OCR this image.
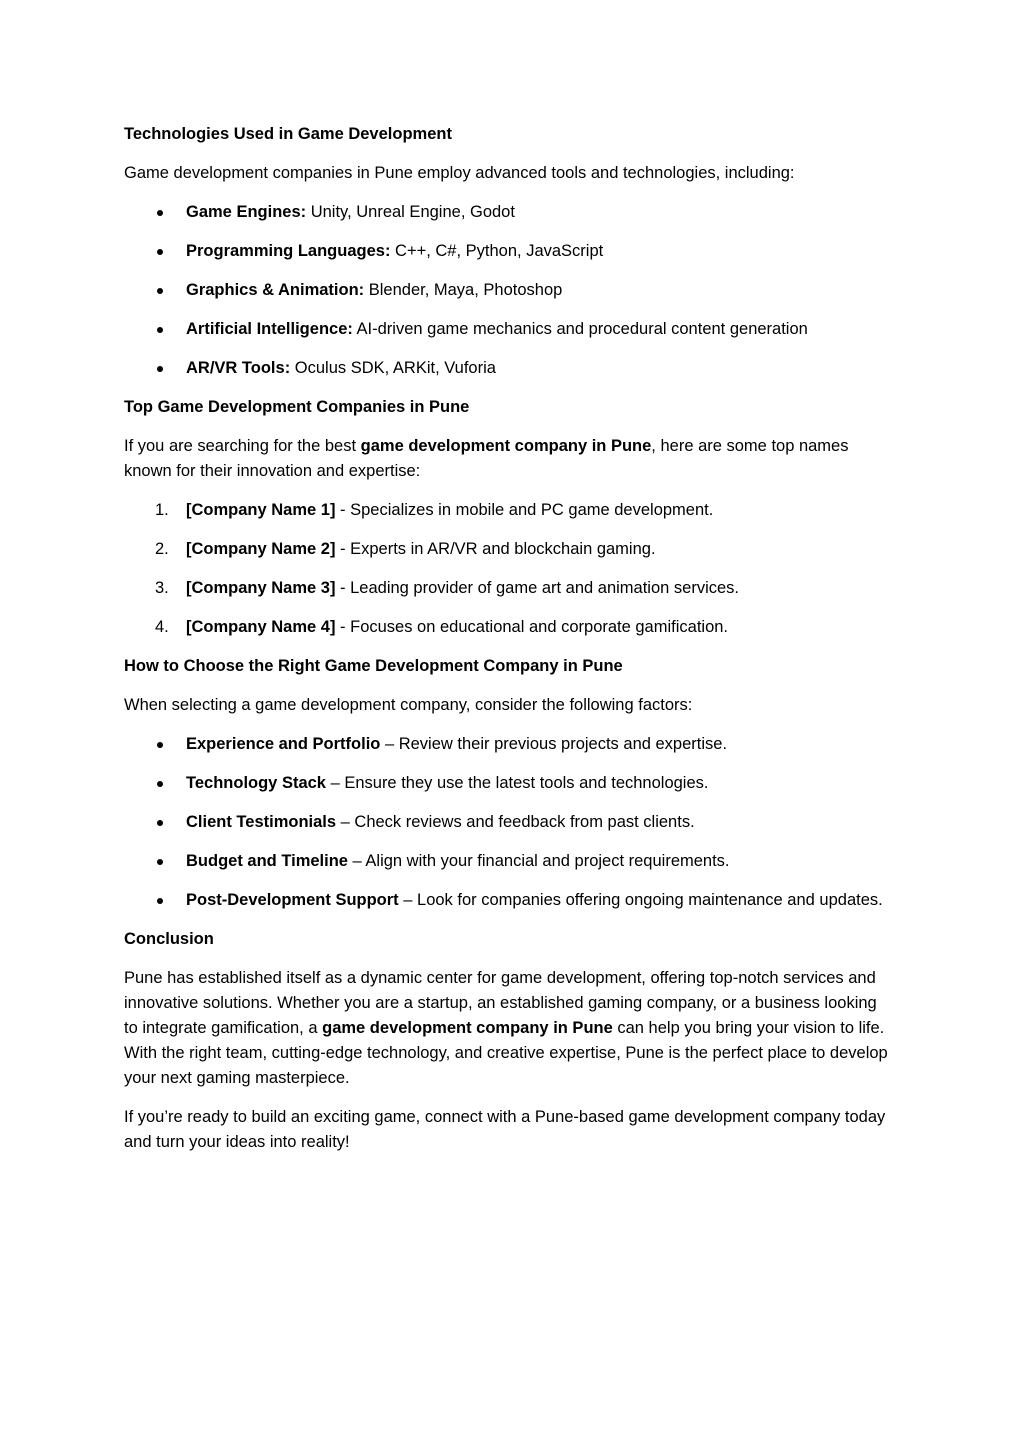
Technologies Used in Game Development
Game development companies in Pune employ advanced tools and technologies, including:
Game Engines: Unity, Unreal Engine, Godot
Programming Languages: C++, C#, Python, JavaScript
Graphics & Animation: Blender, Maya, Photoshop
Artificial Intelligence: AI-driven game mechanics and procedural content generation
AR/VR Tools: Oculus SDK, ARKit, Vuforia
Top Game Development Companies in Pune
If you are searching for the best game development company in Pune, here are some top names known for their innovation and expertise:
1. [Company Name 1] - Specializes in mobile and PC game development.
2. [Company Name 2] - Experts in AR/VR and blockchain gaming.
3. [Company Name 3] - Leading provider of game art and animation services.
4. [Company Name 4] - Focuses on educational and corporate gamification.
How to Choose the Right Game Development Company in Pune
When selecting a game development company, consider the following factors:
Experience and Portfolio – Review their previous projects and expertise.
Technology Stack – Ensure they use the latest tools and technologies.
Client Testimonials – Check reviews and feedback from past clients.
Budget and Timeline – Align with your financial and project requirements.
Post-Development Support – Look for companies offering ongoing maintenance and updates.
Conclusion
Pune has established itself as a dynamic center for game development, offering top-notch services and innovative solutions. Whether you are a startup, an established gaming company, or a business looking to integrate gamification, a game development company in Pune can help you bring your vision to life. With the right team, cutting-edge technology, and creative expertise, Pune is the perfect place to develop your next gaming masterpiece.
If you’re ready to build an exciting game, connect with a Pune-based game development company today and turn your ideas into reality!
